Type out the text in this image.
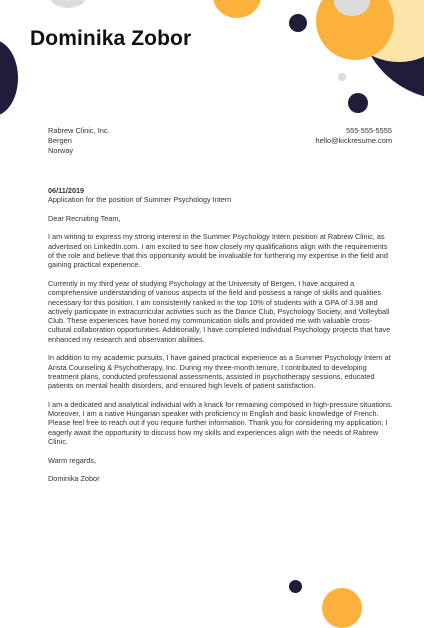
Dominika Zobor
Rabrew Clinic, Inc.
Bergen
Norway
555-555-5555
hello@kickresume.com

06/11/2019

Application for the position of Summer Psychology Intern

Dear Recruiting Team,

I am writing to express my strong interest in the Summer Psychology Intern position at Rabrew Clinic, as advertised on LinkedIn.com. I am excited to see how closely my qualifications align with the requirements of the role and believe that this opportunity would be invaluable for furthering my expertise in the field and gaining practical experience.

Currently in my third year of studying Psychology at the University of Bergen, I have acquired a comprehensive understanding of various aspects of the field and possess a range of skills and qualities necessary for this position. I am consistently ranked in the top 10% of students with a GPA of 3.98 and actively participate in extracurricular activities such as the Dance Club, Psychology Society, and Volleyball Club. These experiences have honed my communication skills and provided me with valuable cross-cultural collaboration opportunities. Additionally, I have completed individual Psychology projects that have enhanced my research and observation abilities.

In addition to my academic pursuits, I have gained practical experience as a Summer Psychology Intern at Arista Counseling & Psychotherapy, Inc. During my three-month tenure, I contributed to developing treatment plans, conducted professional assessments, assisted in psychotherapy sessions, educated patients on mental health disorders, and ensured high levels of patient satisfaction.

I am a dedicated and analytical individual with a knack for remaining composed in high-pressure situations. Moreover, I am a native Hungarian speaker with proficiency in English and basic knowledge of French. Please feel free to reach out if you require further information. Thank you for considering my application; I eagerly await the opportunity to discuss how my skills and experiences align with the needs of Rabrew Clinic.

Warm regards,

Dominika Zobor
